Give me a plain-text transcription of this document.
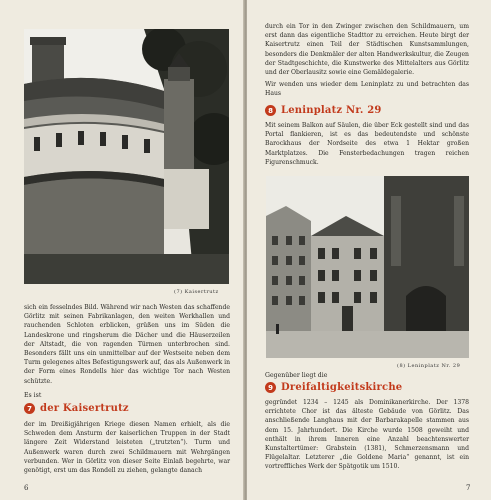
(7) Kaisertrutz

sich ein fesselndes Bild. Während wir nach Westen das schaffende Görlitz mit seinen Fabrikanlagen, den weiten Werkhallen und rauchenden Schloten erblicken, grüßen uns im Süden die Landeskrone und ringsherum die Dächer und die Häuserzeilen der Altstadt, die von ragenden Türmen unterbrochen sind. Besonders fällt uns ein unmittelbar auf der Westseite neben dem Turm gelegenes altes Befestigungswerk auf, das als Außenwerk in der Form eines Rondells hier das wichtige Tor nach Westen schützte.

Es ist
7 der Kaisertrutz

der im Dreißigjährigen Kriege diesen Namen erhielt, als die Schweden dem Ansturm der kaiserlichen Truppen in der Stadt längere Zeit Widerstand leisteten („trutzten“). Turm und Außenwerk waren durch zwei Schildmauern mit Wehrgängen verbunden. Wer in Görlitz von dieser Seite Einlaß begehrte, war genötigt, erst um das Rondell zu ziehen, gelangte danach

6

durch ein Tor in den Zwinger zwischen den Schildmauern, um erst dann das eigentliche Stadttor zu erreichen. Heute birgt der Kaisertrutz einen Teil der Städtischen Kunstsammlungen, besonders die Denkmäler der alten Handwerkskultur, die Zeugen der Stadtgeschichte, die Kunstwerke des Mittelalters aus Görlitz und der Oberlausitz sowie eine Gemäldegalerie.

Wir wenden uns wieder dem Leninplatz zu und betrachten das Haus

8 Leninplatz Nr. 29

Mit seinem Balkon auf Säulen, die über Eck gestellt sind und das Portal flankieren, ist es das bedeutendste und schönste Barockhaus der Nordseite des etwa 1 Hektar großen Marktplatzes. Die Fensterbedachungen tragen reichen Figurenschmuck.

(8) Leninplatz Nr. 29
Gegenüber liegt die
9 Dreifaltigkeitskirche

gegründet 1234 – 1245 als Dominikanerkirche. Der 1378 errichtete Chor ist das älteste Gebäude von Görlitz. Das anschließende Langhaus mit der Barbarakapelle stammen aus dem 15. Jahrhundert. Die Kirche wurde 1508 geweiht und enthält in ihrem Inneren eine Anzahl beachtenswerter Kunstaltertümer: Grabstein (1381), Schmerzensmann und Flügelaltar. Letzterer „die Goldene Maria“ genannt, ist ein vortreffliches Werk der Spätgotik um 1510.

7
